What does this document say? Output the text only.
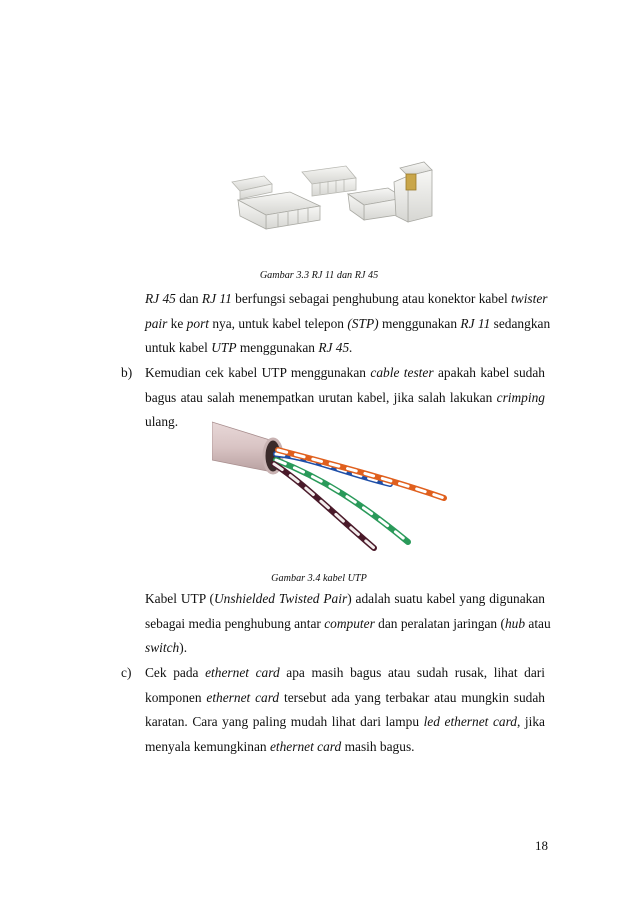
Gambar 3.3 RJ 11 dan RJ 45
RJ 45 dan RJ 11 berfungsi sebagai penghubung atau konektor kabel twister
pair ke port nya, untuk kabel telepon (STP) menggunakan RJ 11 sedangkan
untuk kabel UTP menggunakan RJ 45.
b) Kemudian cek kabel UTP menggunakan cable tester apakah kabel sudah
bagus atau salah menempatkan urutan kabel, jika salah lakukan crimping
ulang.
Gambar 3.4 kabel UTP
Kabel UTP (Unshielded Twisted Pair) adalah suatu kabel yang digunakan
sebagai media penghubung antar computer dan peralatan jaringan (hub atau
switch).
c) Cek pada ethernet card apa masih bagus atau sudah rusak, lihat dari
komponen ethernet card tersebut ada yang terbakar atau mungkin sudah
karatan. Cara yang paling mudah lihat dari lampu led ethernet card, jika
menyala kemungkinan ethernet card masih bagus.
18
